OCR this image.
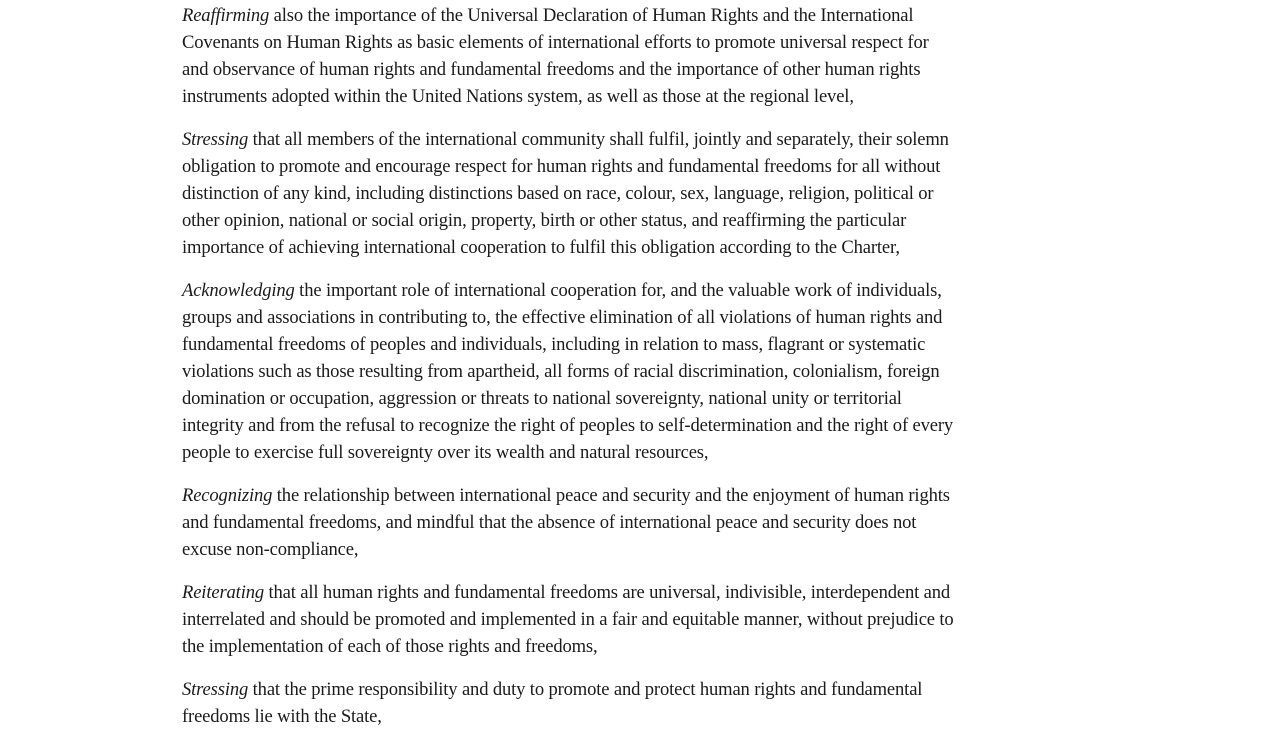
Reaffirming also the importance of the Universal Declaration of Human Rights and the International
Covenants on Human Rights as basic elements of international efforts to promote universal respect for
and observance of human rights and fundamental freedoms and the importance of other human rights
instruments adopted within the United Nations system, as well as those at the regional level,

Stressing that all members of the international community shall fulfil, jointly and separately, their solemn
obligation to promote and encourage respect for human rights and fundamental freedoms for all without
distinction of any kind, including distinctions based on race, colour, sex, language, religion, political or
other opinion, national or social origin, property, birth or other status, and reaffirming the particular
importance of achieving international cooperation to fulfil this obligation according to the Charter,

Acknowledging the important role of international cooperation for, and the valuable work of individuals,
groups and associations in contributing to, the effective elimination of all violations of human rights and
fundamental freedoms of peoples and individuals, including in relation to mass, flagrant or systematic
violations such as those resulting from apartheid, all forms of racial discrimination, colonialism, foreign
domination or occupation, aggression or threats to national sovereignty, national unity or territorial
integrity and from the refusal to recognize the right of peoples to self-determination and the right of every
people to exercise full sovereignty over its wealth and natural resources,

Recognizing the relationship between international peace and security and the enjoyment of human rights
and fundamental freedoms, and mindful that the absence of international peace and security does not
excuse non-compliance,

Reiterating that all human rights and fundamental freedoms are universal, indivisible, interdependent and
interrelated and should be promoted and implemented in a fair and equitable manner, without prejudice to
the implementation of each of those rights and freedoms,

Stressing that the prime responsibility and duty to promote and protect human rights and fundamental
freedoms lie with the State,
